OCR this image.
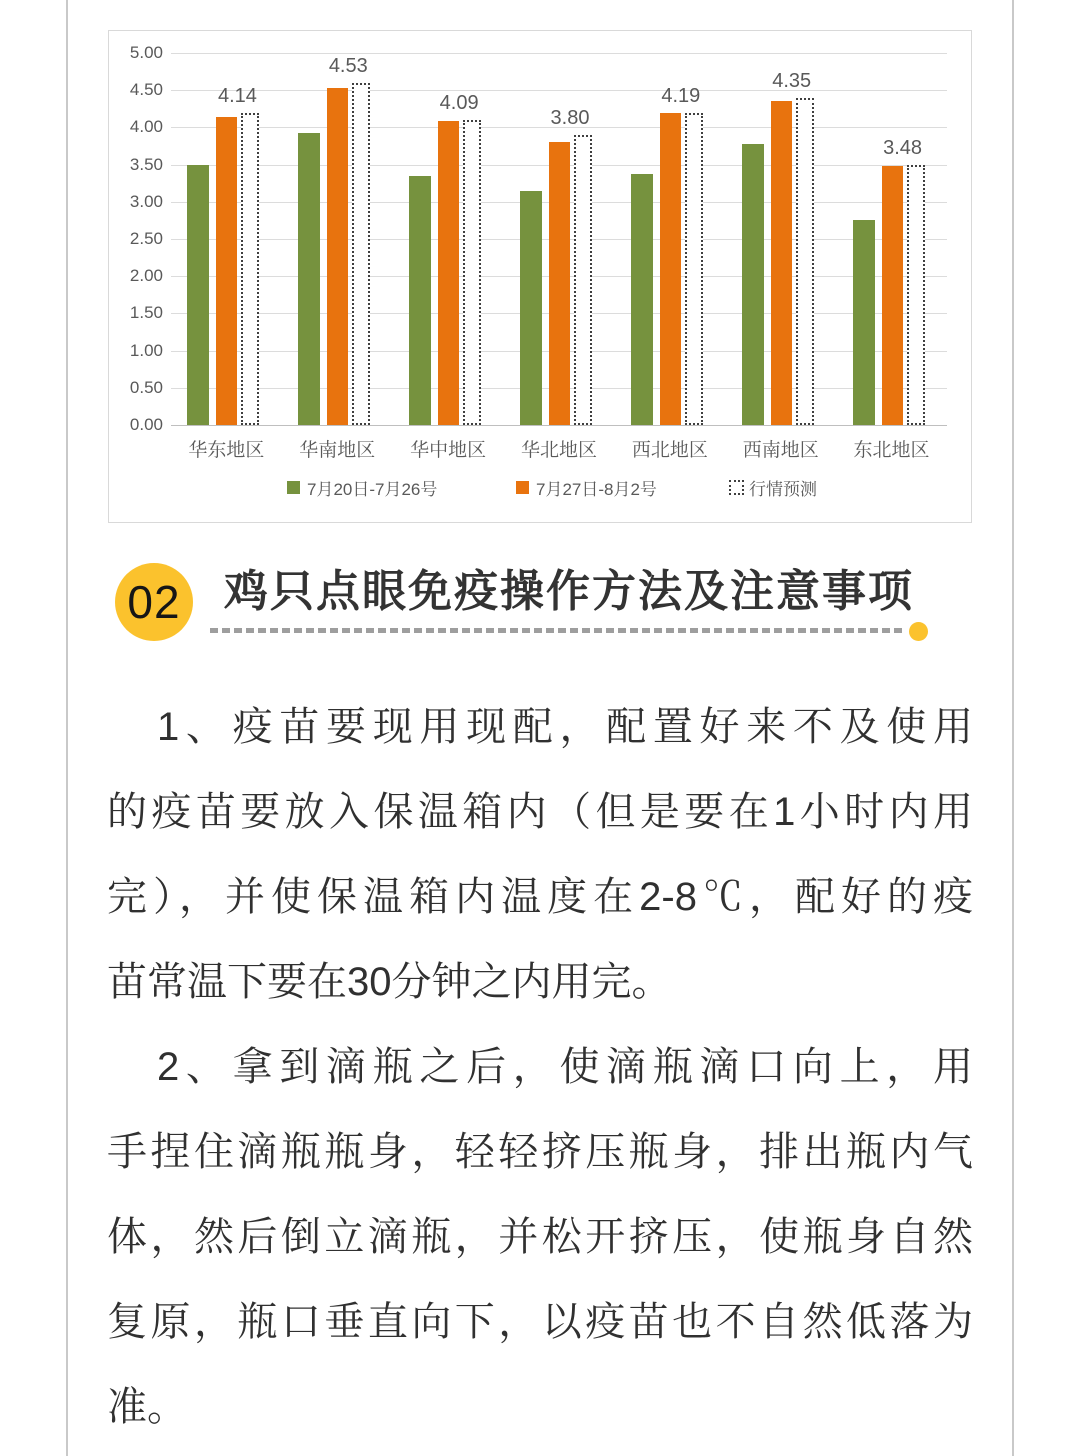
5.00
4.50
4.00
3.50
3.00
2.50
2.00
1.50
1.00
0.50
0.00
4.14
华东地区
4.53
华南地区
4.09
华中地区
3.80
华北地区
4.19
西北地区
4.35
西南地区
3.48
东北地区
7月20日-7月26号	7月27日-8月2号	行情预测
02 鸡只点眼免疫操作方法及注意事项
1、疫苗要现用现配，配置好来不及使用
的疫苗要放入保温箱内（但是要在1小时内用
完），并使保温箱内温度在2-8℃，配好的疫
苗常温下要在30分钟之内用完。
2、拿到滴瓶之后，使滴瓶滴口向上，用
手捏住滴瓶瓶身，轻轻挤压瓶身，排出瓶内气
体，然后倒立滴瓶，并松开挤压，使瓶身自然
复原，瓶口垂直向下，以疫苗也不自然低落为
准。
